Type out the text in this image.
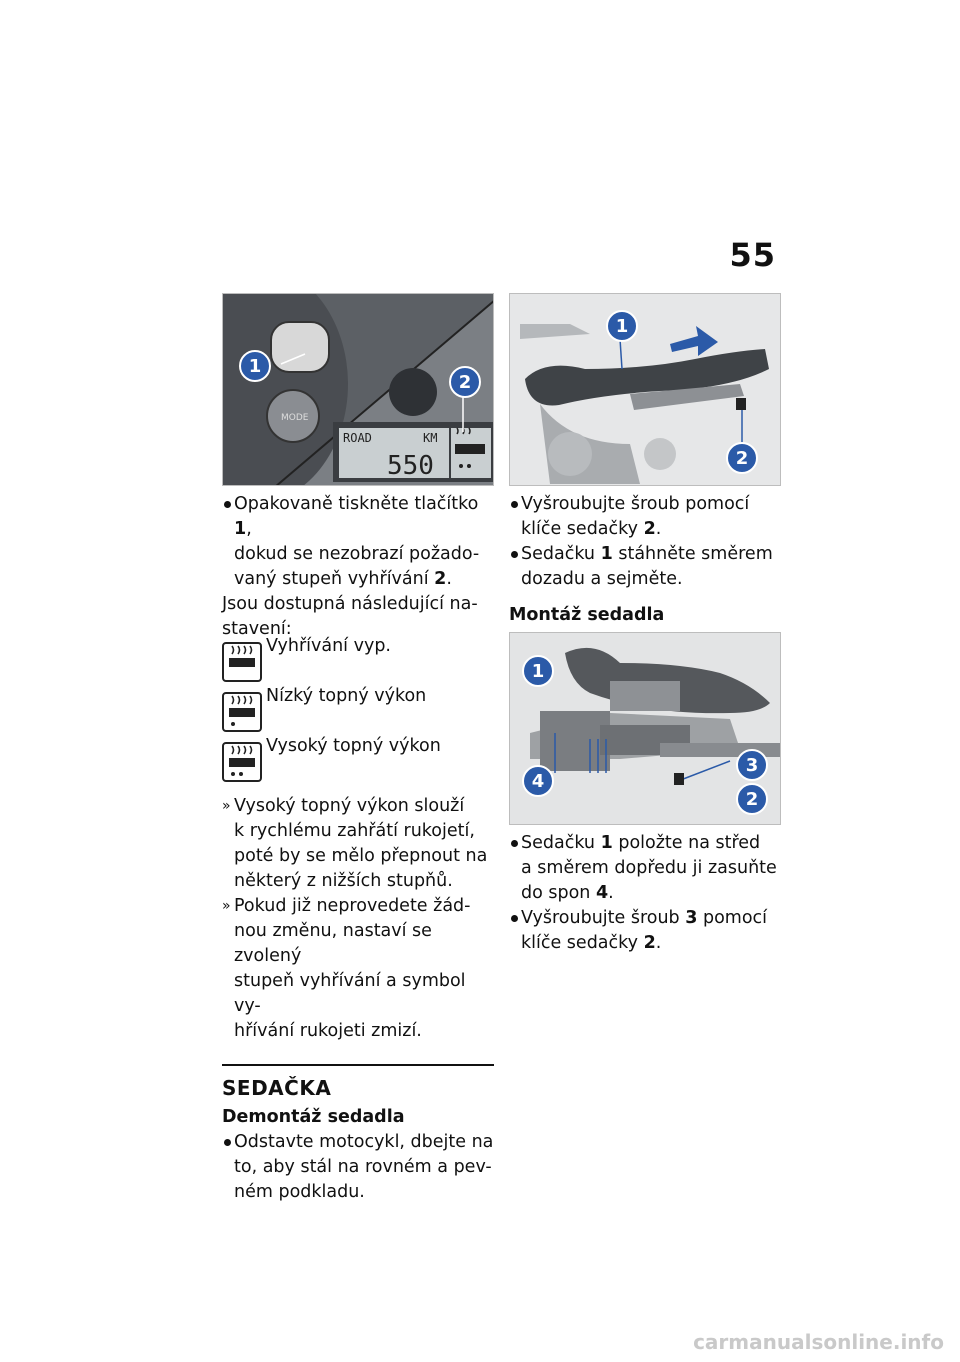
55
MODE
ROAD	KM
550
1
2
Opakovaně tiskněte tlačítko 1,
dokud se nezobrazí požado-
vaný stupeň vyhřívání 2.
Jsou dostupná následující na-
stavení:
Vyhřívání vyp.
Nízký topný výkon
Vysoký topný výkon
» Vysoký topný výkon slouží
k rychlému zahřátí rukojetí,
poté by se mělo přepnout na
některý z nižších stupňů.
» Pokud již neprovedete žád-
nou změnu, nastaví se zvolený
stupeň vyhřívání a symbol vy-
hřívání rukojeti zmizí.
SEDAČKA
Demontáž sedadla
Odstavte motocykl, dbejte na
to, aby stál na rovném a pev-
ném podkladu.
1
2
Vyšroubujte šroub pomocí
klíče sedačky 2.
Sedačku 1 stáhněte směrem
dozadu a sejměte.
Montáž sedadla
1
4
3
2
Sedačku 1 položte na střed
a směrem dopředu ji zasuňte
do spon 4.
Vyšroubujte šroub 3 pomocí
klíče sedačky 2.
carmanualsonline.info
